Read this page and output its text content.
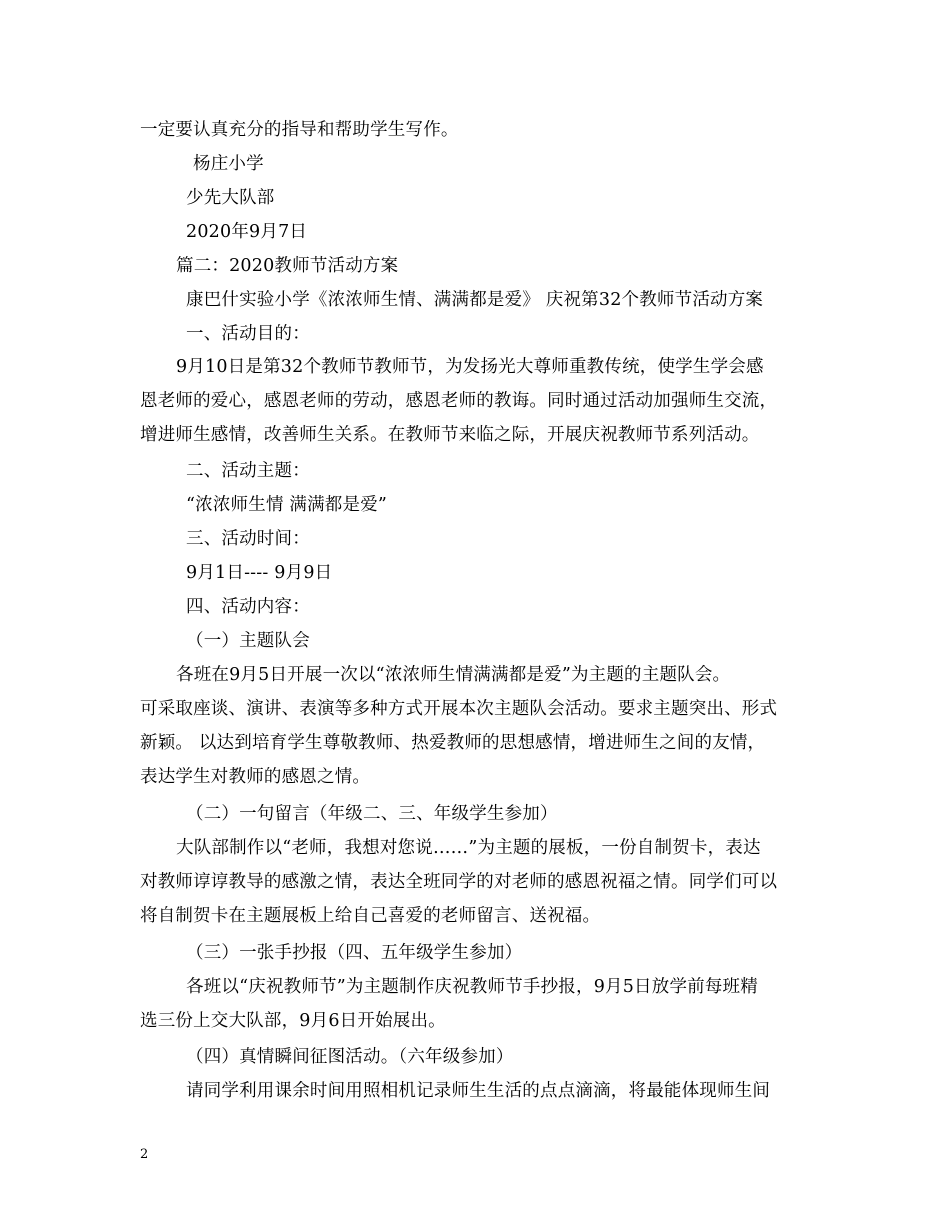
一定要认真充分的指导和帮助学生写作。
杨庄小学
少先大队部
2020年9月7日
篇二：2020教师节活动方案
康巴什实验小学《浓浓师生情、满满都是爱》 庆祝第32个教师节活动方案
一、活动目的：
9月10日是第32个教师节教师节，为发扬光大尊师重教传统，使学生学会感
恩老师的爱心，感恩老师的劳动，感恩老师的教诲。同时通过活动加强师生交流，
增进师生感情，改善师生关系。在教师节来临之际，开展庆祝教师节系列活动。
二、活动主题：
“浓浓师生情 满满都是爱”
三、活动时间：
9月1日---- 9月9日
四、活动内容：
（一）主题队会
各班在9月5日开展一次以“浓浓师生情满满都是爱”为主题的主题队会。
可采取座谈、演讲、表演等多种方式开展本次主题队会活动。要求主题突出、形式
新颖。 以达到培育学生尊敬教师、热爱教师的思想感情，增进师生之间的友情，
表达学生对教师的感恩之情。
（二）一句留言（年级二、三、年级学生参加）
大队部制作以“老师，我想对您说……”为主题的展板，一份自制贺卡，表达
对教师谆谆教导的感激之情，表达全班同学的对老师的感恩祝福之情。同学们可以
将自制贺卡在主题展板上给自己喜爱的老师留言、送祝福。
（三）一张手抄报（四、五年级学生参加）
各班以“庆祝教师节”为主题制作庆祝教师节手抄报，9月5日放学前每班精
选三份上交大队部，9月6日开始展出。
（四）真情瞬间征图活动。（六年级参加）
请同学利用课余时间用照相机记录师生生活的点点滴滴，将最能体现师生间
2
